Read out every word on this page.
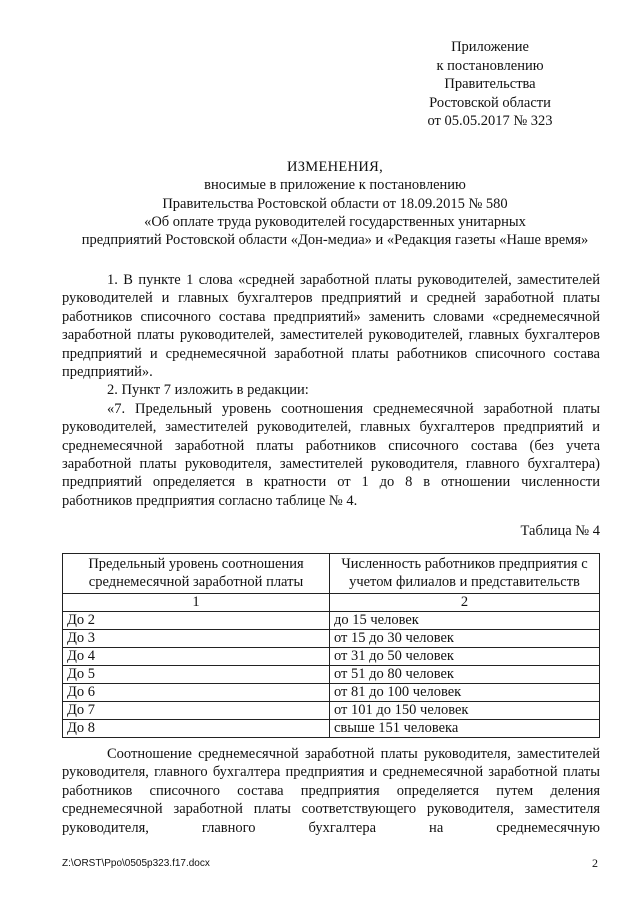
Приложение
к постановлению
Правительства
Ростовской области
от 05.05.2017 № 323
ИЗМЕНЕНИЯ,
вносимые в приложение к постановлению
Правительства Ростовской области от 18.09.2015 № 580
«Об оплате труда руководителей государственных унитарных
предприятий Ростовской области «Дон-медиа» и «Редакция газеты «Наше время»

1. В пункте 1 слова «средней заработной платы руководителей, заместителей руководителей и главных бухгалтеров предприятий и средней заработной платы работников списочного состава предприятий» заменить словами «среднемесячной заработной платы руководителей, заместителей руководителей, главных бухгалтеров предприятий и среднемесячной заработной платы работников списочного состава предприятий».

2. Пункт 7 изложить в редакции:

«7. Предельный уровень соотношения среднемесячной заработной платы руководителей, заместителей руководителей, главных бухгалтеров предприятий и среднемесячной заработной платы работников списочного состава (без учета заработной платы руководителя, заместителей руководителя, главного бухгалтера) предприятий определяется в кратности от 1 до 8 в отношении численности работников предприятия согласно таблице № 4.

Таблица № 4
Предельный уровень соотношения среднемесячной заработной платы	Численность работников предприятия с учетом филиалов и представительств
1	2
До 2	до 15 человек
До 3	от 15 до 30 человек
До 4	от 31 до 50 человек
До 5	от 51 до 80 человек
До 6	от 81 до 100 человек
До 7	от 101 до 150 человек
До 8	свыше 151 человека

Соотношение среднемесячной заработной платы руководителя, заместителей руководителя, главного бухгалтера предприятия и среднемесячной заработной платы работников списочного состава предприятия определяется путем деления среднемесячной заработной платы соответствующего руководителя, заместителя руководителя, главного бухгалтера на среднемесячную

Z:\ORST\Ppo\0505p323.f17.docx	2
